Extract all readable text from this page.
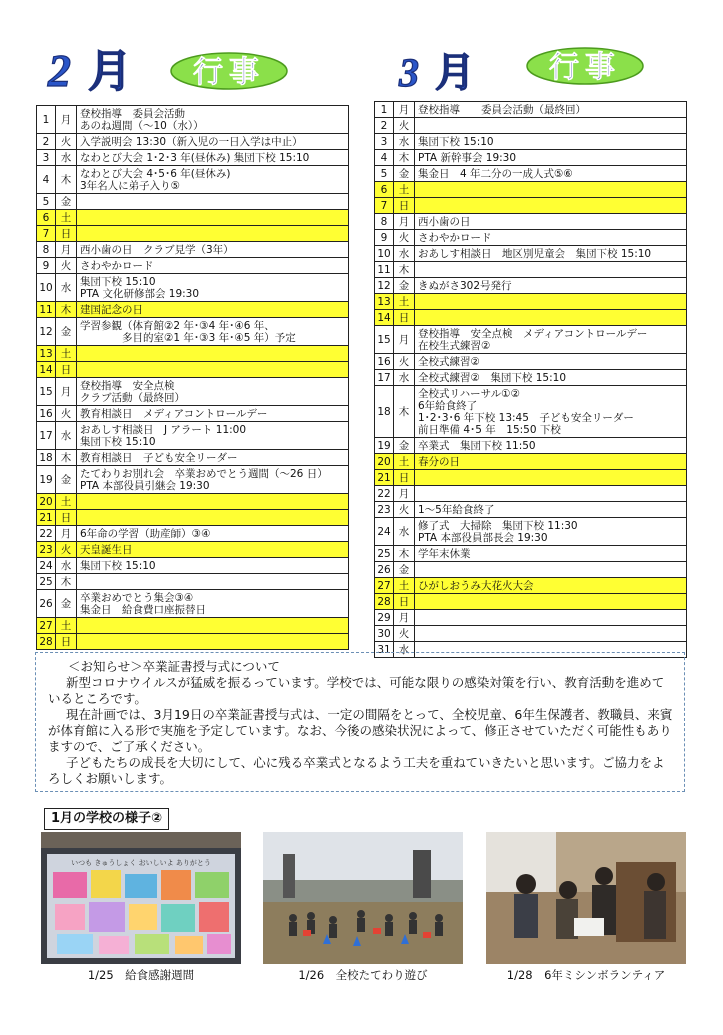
2 月 行事	3 月 行事
1	月	登校指導　委員会活動
あのね週間（～10（水））

2	火	入学説明会 13:30（新入児の一日入学は中止）

3	水	なわとび大会 1･2･3 年(昼休み) 集団下校 15:10

4	木	なわとび大会 4･5･6 年(昼休み)
3年名人に弟子入り⑤

5	金	

6	土	

7	日	

8	月	西小歯の日　クラブ見学（3年）

9	火	さわやかロード

10	水	集団下校 15:10
PTA 文化研修部会 19:30

11	木	建国記念の日

12	金	学習参観（体育館②2 年･③4 年･④6 年、
　　　　多目的室②1 年･③3 年･④5 年）予定

13	土	

14	日	

15	月	登校指導　安全点検
クラブ活動（最終回）

16	火	教育相談日　メディアコントロールデー

17	水	おあしす相談日　J アラート 11:00
集団下校 15:10

18	木	教育相談日　子ども安全リーダー

19	金	たてわりお別れ会　卒業おめでとう週間（～26 日）
PTA 本部役員引継会 19:30

20	土	

21	日	

22	月	6年命の学習（助産師）③④

23	火	天皇誕生日

24	水	集団下校 15:10

25	木	

26	金	卒業おめでとう集会③④
集金日　給食費口座振替日

27	土	

28	日	
1	月	登校指導　　委員会活動（最終回）

2	火	

3	水	集団下校 15:10

4	木	PTA 新幹事会 19:30

5	金	集金日　4 年二分の一成人式⑤⑥

6	土	

7	日	

8	月	西小歯の日

9	火	さわやかロード

10	水	おあしす相談日　地区別児童会　集団下校 15:10

11	木	

12	金	きぬがさ302号発行

13	土	

14	日	

15	月	登校指導　安全点検　メディアコントロールデー
在校生式練習②

16	火	全校式練習②

17	水	全校式練習②　集団下校 15:10

18	木	全校式リハーサル①②
6年給食終了
1･2･3･6 年下校 13:45　子ども安全リーダー
前日準備 4･5 年　15:50 下校

19	金	卒業式　集団下校 11:50

20	土	春分の日

21	日	

22	月	

23	火	1～5年給食終了

24	水	修了式　大掃除　集団下校 11:30
PTA 本部役員部長会 19:30

25	木	学年末休業

26	金	

27	土	ひがしおうみ大花火大会

28	日	

29	月	

30	火	

31	水	
＜お知らせ＞卒業証書授与式について

新型コロナウイルスが猛威を振るっています。学校では、可能な限りの感染対策を行い、教育活動を進めているところです。

現在計画では、3月19日の卒業証書授与式は、一定の間隔をとって、全校児童、6年生保護者、教職員、来賓が体育館に入る形で実施を予定しています。なお、今後の感染状況によって、修正させていただく可能性もありますので、ご了承ください。

子どもたちの成長を大切にして、心に残る卒業式となるよう工夫を重ねていきたいと思います。ご協力をよろしくお願いします。

1月の学校の様子②
いつも きゅうしょく おいしいよ ありがとう
1/25　給食感謝週間	1/26　全校たてわり遊び	1/28　6年ミシンボランティア
